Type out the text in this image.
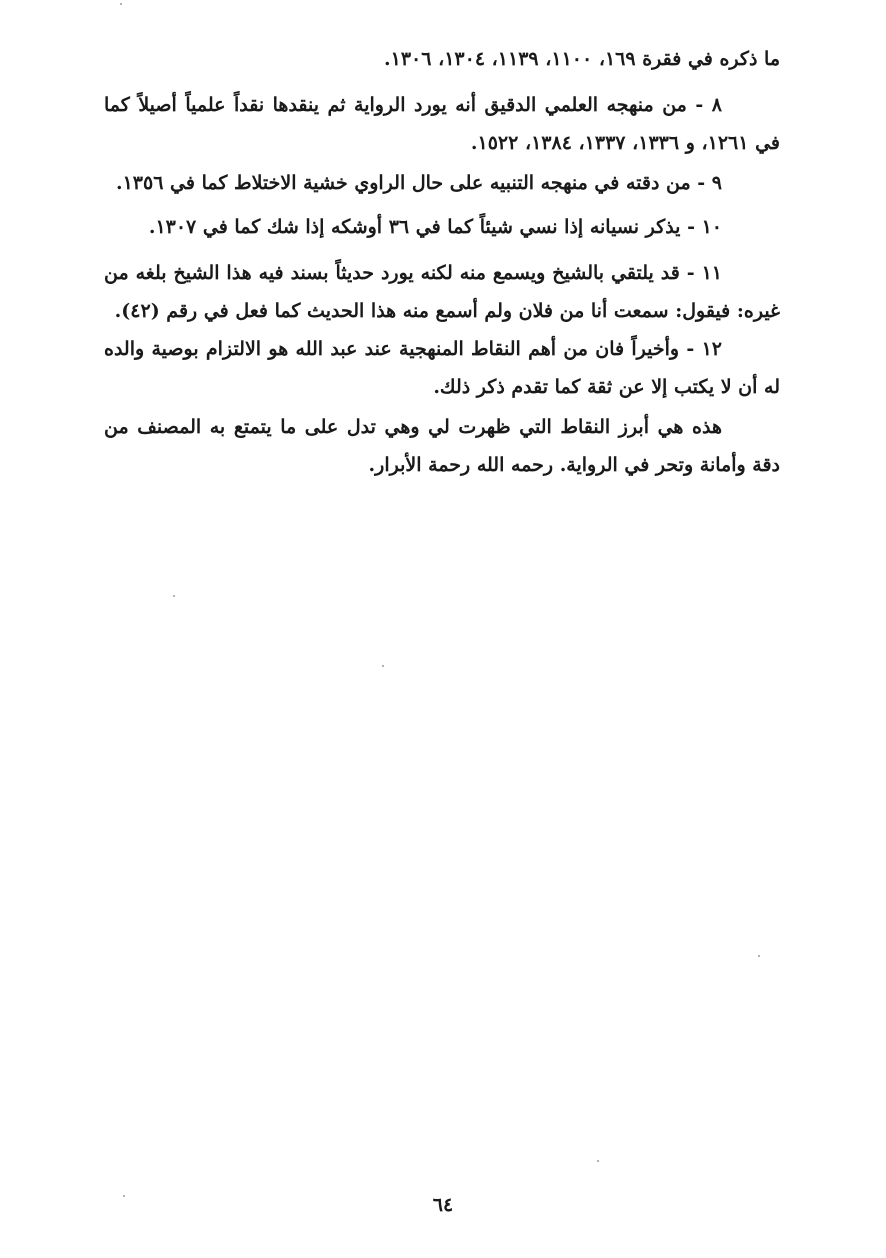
ما ذكره في فقرة ١٦٩، ١١٠٠، ١١٣٩، ١٣٠٤، ١٣٠٦.

٨ - من منهجه العلمي الدقيق أنه يورد الرواية ثم ينقدها نقداً علمياً أصيلاً كما في ١٢٦١، و ١٣٣٦، ١٣٣٧، ١٣٨٤، ١٥٢٢.

٩ - من دقته في منهجه التنبيه على حال الراوي خشية الاختلاط كما في ١٣٥٦.

١٠ - يذكر نسيانه إذا نسي شيئاً كما في ٣٦ أوشكه إذا شك كما في ١٣٠٧.

١١ - قد يلتقي بالشيخ ويسمع منه لكنه يورد حديثاً بسند فيه هذا الشيخ بلغه من غيره: فيقول: سمعت أنا من فلان ولم أسمع منه هذا الحديث كما فعل في رقم (٤٢).

١٢ - وأخيراً فان من أهم النقاط المنهجية عند عبد الله هو الالتزام بوصية والده له أن لا يكتب إلا عن ثقة كما تقدم ذكر ذلك.

هذه هي أبرز النقاط التي ظهرت لي وهي تدل على ما يتمتع به المصنف من دقة وأمانة وتحر في الرواية. رحمه الله رحمة الأبرار.

٦٤
